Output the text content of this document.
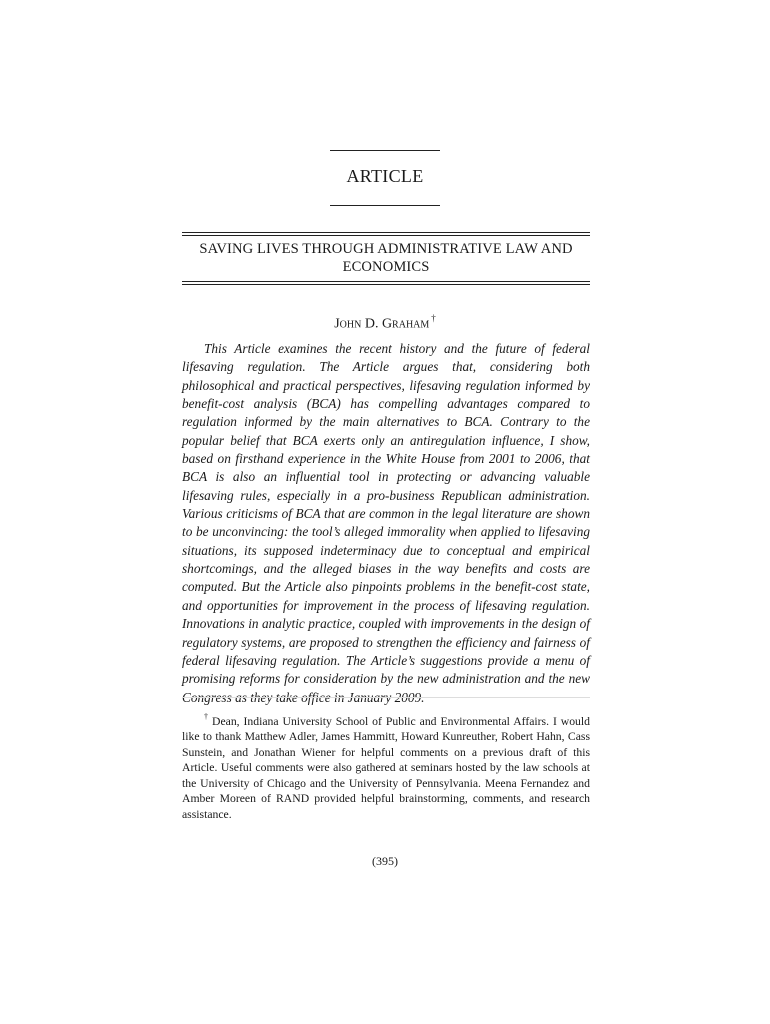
ARTICLE
SAVING LIVES THROUGH ADMINISTRATIVE LAW AND ECONOMICS
John D. Graham †
This Article examines the recent history and the future of federal lifesaving regulation. The Article argues that, considering both philosophical and practical perspectives, lifesaving regulation informed by benefit-cost analysis (BCA) has compelling advantages compared to regulation informed by the main alternatives to BCA. Contrary to the popular belief that BCA exerts only an antiregulation influence, I show, based on firsthand experience in the White House from 2001 to 2006, that BCA is also an influential tool in protecting or advancing valuable lifesaving rules, especially in a pro-business Republican administration. Various criticisms of BCA that are common in the legal literature are shown to be unconvincing: the tool’s alleged immorality when applied to lifesaving situations, its supposed indeterminacy due to conceptual and empirical shortcomings, and the alleged biases in the way benefits and costs are computed. But the Article also pinpoints problems in the benefit-cost state, and opportunities for improvement in the process of lifesaving regulation. Innovations in analytic practice, coupled with improvements in the design of regulatory systems, are proposed to strengthen the efficiency and fairness of federal lifesaving regulation. The Article’s suggestions provide a menu of promising reforms for consideration by the new administration and the new Congress as they take office in January 2009.
† Dean, Indiana University School of Public and Environmental Affairs. I would like to thank Matthew Adler, James Hammitt, Howard Kunreuther, Robert Hahn, Cass Sunstein, and Jonathan Wiener for helpful comments on a previous draft of this Article. Useful comments were also gathered at seminars hosted by the law schools at the University of Chicago and the University of Pennsylvania. Meena Fernandez and Amber Moreen of RAND provided helpful brainstorming, comments, and research assistance.
(395)
